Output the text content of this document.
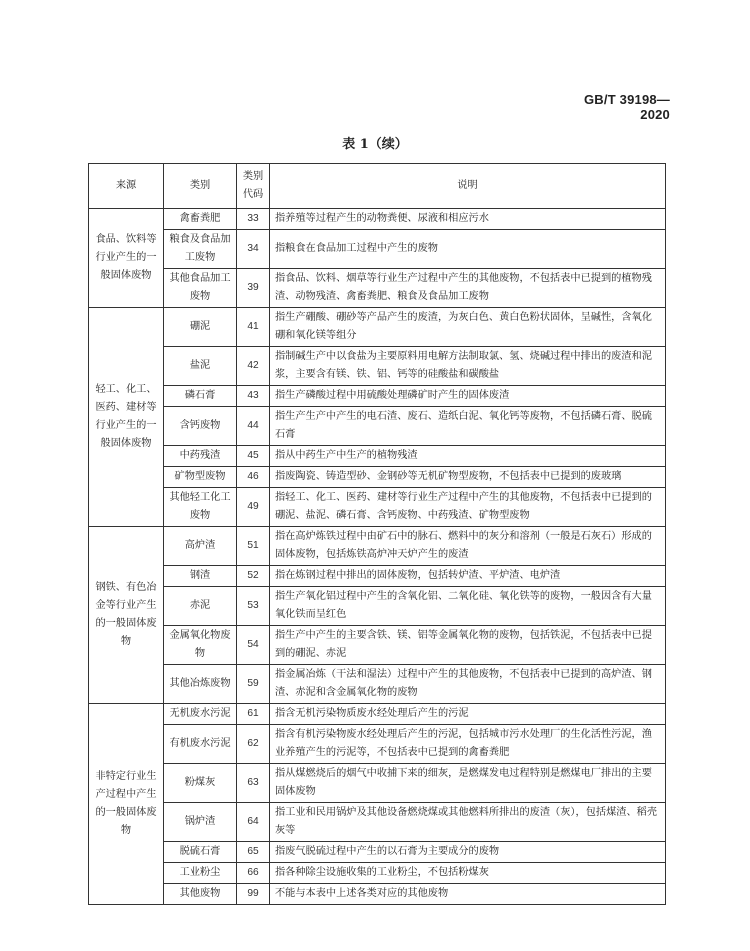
GB/T 39198—2020
表 1（续）
来源	类别	类别代码	说明
食品、饮料等行业产生的一般固体废物	禽畜粪肥	33	指养殖等过程产生的动物粪便、尿液和相应污水
	粮食及食品加工废物	34	指粮食在食品加工过程中产生的废物
	其他食品加工废物	39	指食品、饮料、烟草等行业生产过程中产生的其他废物，不包括表中已提到的植物残渣、动物残渣、禽畜粪肥、粮食及食品加工废物
轻工、化工、医药、建材等行业产生的一般固体废物	硼泥	41	指生产硼酸、硼砂等产品产生的废渣，为灰白色、黄白色粉状固体，呈碱性，含氧化硼和氧化镁等组分
	盐泥	42	指制碱生产中以食盐为主要原料用电解方法制取氯、氢、烧碱过程中排出的废渣和泥浆，主要含有镁、铁、铝、钙等的硅酸盐和碳酸盐
	磷石膏	43	指生产磷酸过程中用硫酸处理磷矿时产生的固体废渣
	含钙废物	44	指生产生产中产生的电石渣、废石、造纸白泥、氧化钙等废物，不包括磷石膏、脱硫石膏
	中药残渣	45	指从中药生产中生产的植物残渣
	矿物型废物	46	指废陶瓷、铸造型砂、金钢砂等无机矿物型废物，不包括表中已提到的废玻璃
	其他轻工化工废物	49	指轻工、化工、医药、建材等行业生产过程中产生的其他废物，不包括表中已提到的硼泥、盐泥、磷石膏、含钙废物、中药残渣、矿物型废物
钢铁、有色冶金等行业产生的一般固体废物	高炉渣	51	指在高炉炼铁过程中由矿石中的脉石、燃料中的灰分和溶剂（一般是石灰石）形成的固体废物，包括炼铁高炉冲天炉产生的废渣
	钢渣	52	指在炼钢过程中排出的固体废物，包括转炉渣、平炉渣、电炉渣
	赤泥	53	指生产氧化铝过程中产生的含氧化铝、二氧化硅、氧化铁等的废物，一般因含有大量氧化铁而呈红色
	金属氧化物废物	54	指生产中产生的主要含铁、镁、铝等金属氧化物的废物，包括铁泥，不包括表中已提到的硼泥、赤泥
	其他冶炼废物	59	指金属冶炼（干法和湿法）过程中产生的其他废物，不包括表中已提到的高炉渣、钢渣、赤泥和含金属氧化物的废物
非特定行业生产过程中产生的一般固体废物	无机废水污泥	61	指含无机污染物质废水经处理后产生的污泥
	有机废水污泥	62	指含有机污染物废水经处理后产生的污泥，包括城市污水处理厂的生化活性污泥，渔业养殖产生的污泥等，不包括表中已提到的禽畜粪肥
	粉煤灰	63	指从煤燃烧后的烟气中收捕下来的细灰，是燃煤发电过程特别是燃煤电厂排出的主要固体废物
	锅炉渣	64	指工业和民用锅炉及其他设备燃烧煤或其他燃料所排出的废渣（灰），包括煤渣、稻壳灰等
	脱硫石膏	65	指废气脱硫过程中产生的以石膏为主要成分的废物
	工业粉尘	66	指各种除尘设施收集的工业粉尘，不包括粉煤灰
	其他废物	99	不能与本表中上述各类对应的其他废物
